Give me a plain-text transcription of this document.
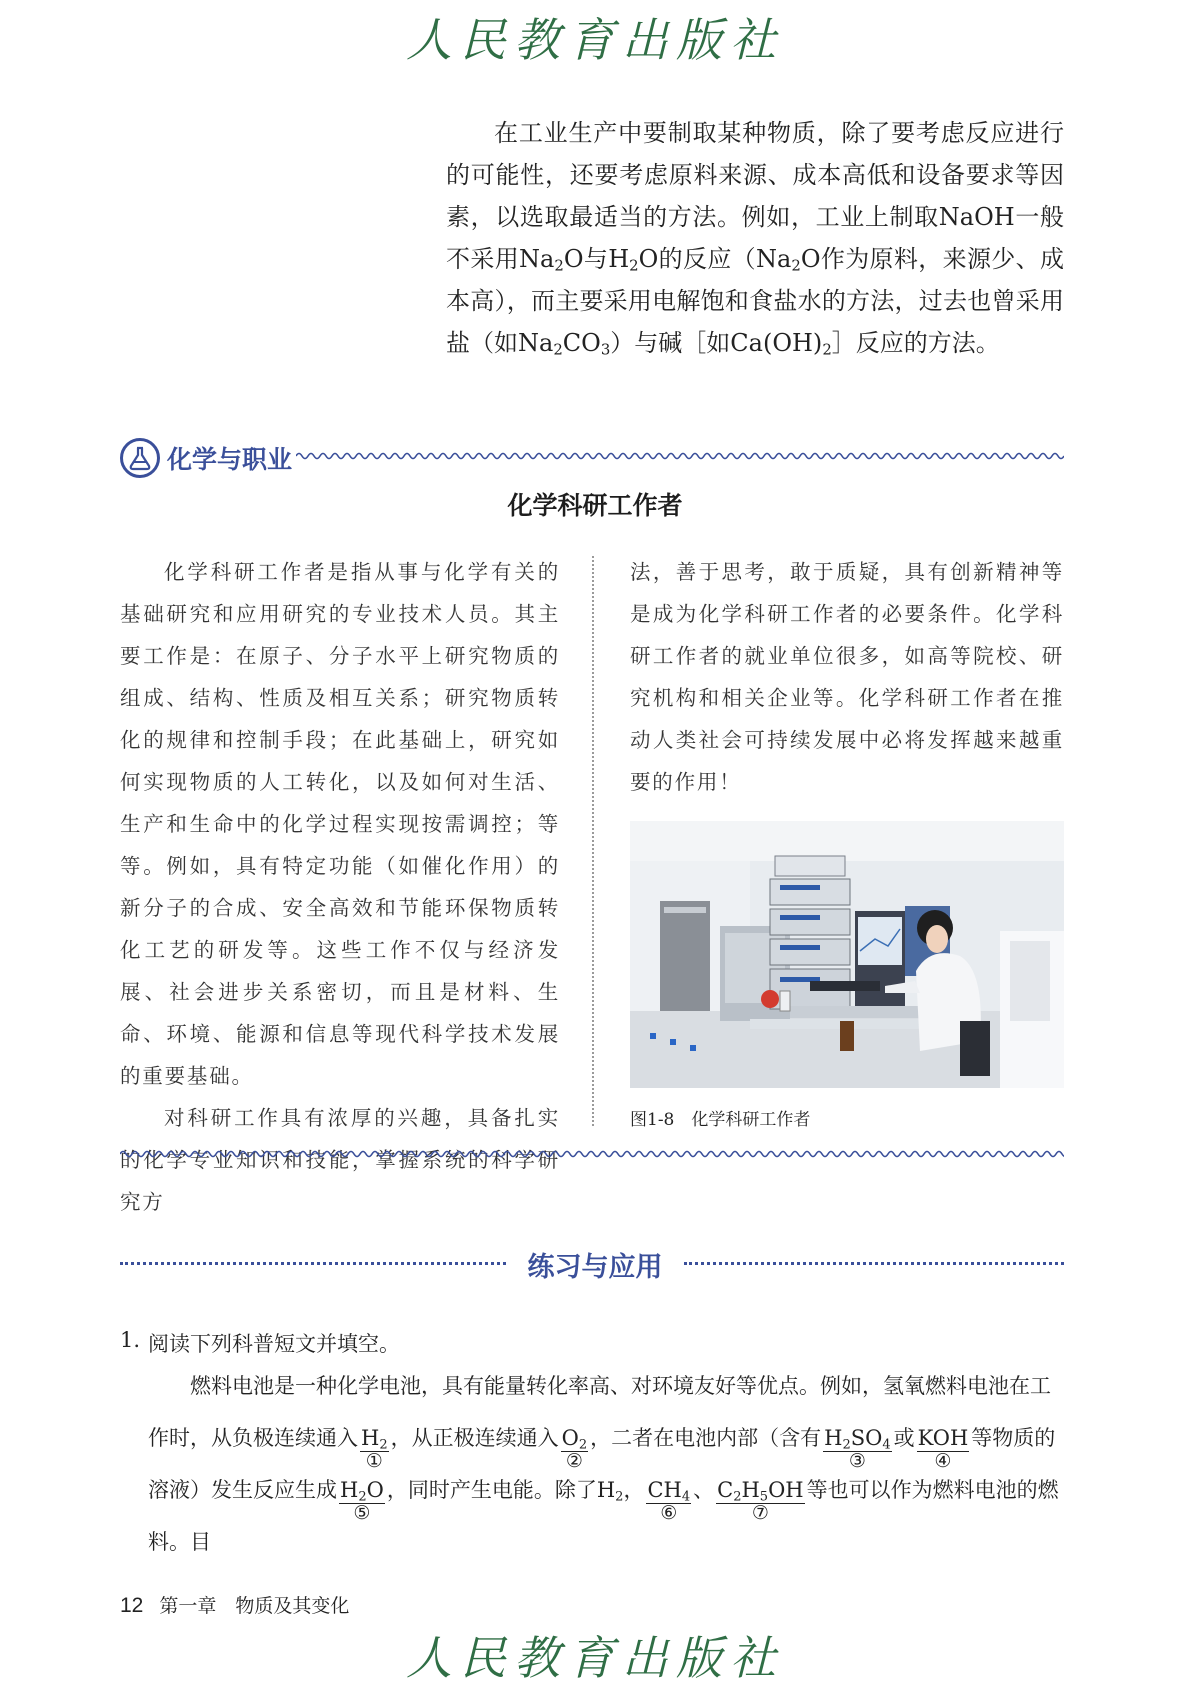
人民教育出版社

在工业生产中要制取某种物质，除了要考虑反应进行的可能性，还要考虑原料来源、成本高低和设备要求等因素，以选取最适当的方法。例如，工业上制取NaOH一般不采用$Na_2O$与$H_2O$的反应（$Na_2O$作为原料，来源少、成本高），而主要采用电解饱和食盐水的方法，过去也曾采用盐（如$Na_2CO_3$）与碱［如$Ca(OH)_2]$反应的方法。

化学与职业
化学科研工作者

化学科研工作者是指从事与化学有关的基础研究和应用研究的专业技术人员。其主要工作是：在原子、分子水平上研究物质的组成、结构、性质及相互关系；研究物质转化的规律和控制手段；在此基础上，研究如何实现物质的人工转化，以及如何对生活、生产和生命中的化学过程实现按需调控；等等。例如，具有特定功能（如催化作用）的新分子的合成、安全高效和节能环保物质转化工艺的研发等。这些工作不仅与经济发展、社会进步关系密切，而且是材料、生命、环境、能源和信息等现代科学技术发展的重要基础。

对科研工作具有浓厚的兴趣，具备扎实的化学专业知识和技能，掌握系统的科学研究方

法，善于思考，敢于质疑，具有创新精神等是成为化学科研工作者的必要条件。化学科研工作者的就业单位很多，如高等院校、研究机构和相关企业等。化学科研工作者在推动人类社会可持续发展中必将发挥越来越重要的作用！

图1-8　化学科研工作者
练习与应用
1. 阅读下列科普短文并填空。
燃料电池是一种化学电池，具有能量转化率高、对环境友好等优点。例如，氢氧燃料电池在工作时，从负极连续通入 $H_2$
①
，从正极连续通入 $O_2$
②
，二者在电池内部（含有 $H_2SO_4$
③
或 KOH
④
等物质的溶液）发生反应生成 $H_2O$
⑤
，同时产生电能。除了$H_2$， $CH_4$
⑥
、 $C_2H_5OH$
⑦
等也可以作为燃料电池的燃料。目
12 第一章　物质及其变化
人民教育出版社
